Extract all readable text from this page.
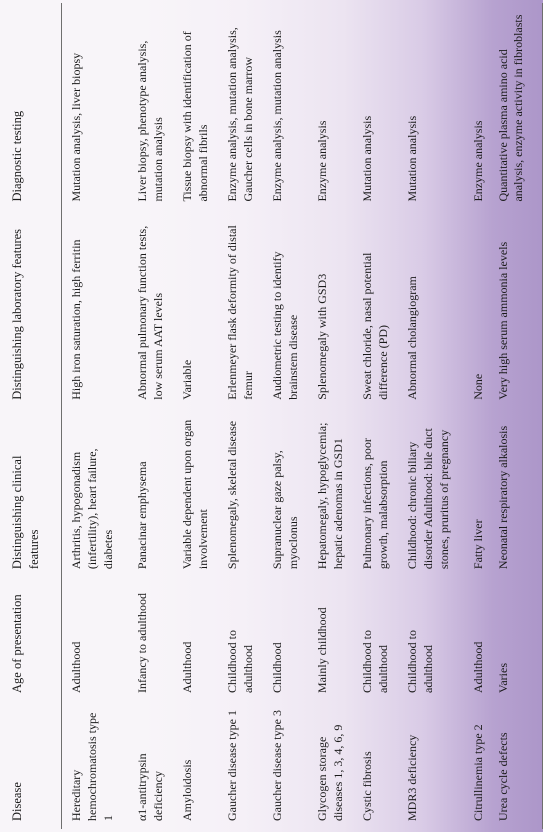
Disease	Age of presentation	Distinguishing clinical features	Distinguishing laboratory features	Diagnostic testing
Hereditary hemochromatosis type 1	Adulthood	Arthritis, hypogonadism (infertility), heart failure, diabetes	High iron saturation, high ferritin	Mutation analysis, liver biopsy
α1-antitrypsin deficiency	Infancy to adulthood	Panacinar emphysema	Abnormal pulmonary function tests, low serum AAT levels	Liver biopsy, phenotype analysis, mutation analysis
Amyloidosis	Adulthood	Variable dependent upon organ involvement	Variable	Tissue biopsy with identification of abnormal fibrils
Gaucher disease type 1	Childhood to adulthood	Splenomegaly, skeletal disease	Erlenmeyer flask deformity of distal femur	Enzyme analysis, mutation analysis, Gaucher cells in bone marrow
Gaucher disease type 3	Childhood	Supranuclear gaze palsy, myoclonus	Audiometric testing to identify brainstem disease	Enzyme analysis, mutation analysis
Glycogen storage diseases 1, 3, 4, 6, 9	Mainly childhood	Hepatomegaly, hypoglycemia; hepatic adenomas in GSD1	Splenomegaly with GSD3	Enzyme analysis
Cystic fibrosis	Childhood to adulthood	Pulmonary infections, poor growth, malabsorption	Sweat chloride, nasal potential difference (PD)	Mutation analysis
MDR3 deficiency	Childhood to adulthood	Childhood: chronic biliary disorder Adulthood: bile duct stones, pruritus of pregnancy	Abnormal cholangiogram	Mutation analysis
Citrullinemia type 2	Adulthood	Fatty liver	None	Enzyme analysis
Urea cycle defects	Varies	Neonatal respiratory alkalosis	Very high serum ammonia levels	Quantitative plasma amino acid analysis, enzyme activity in fibroblasts
